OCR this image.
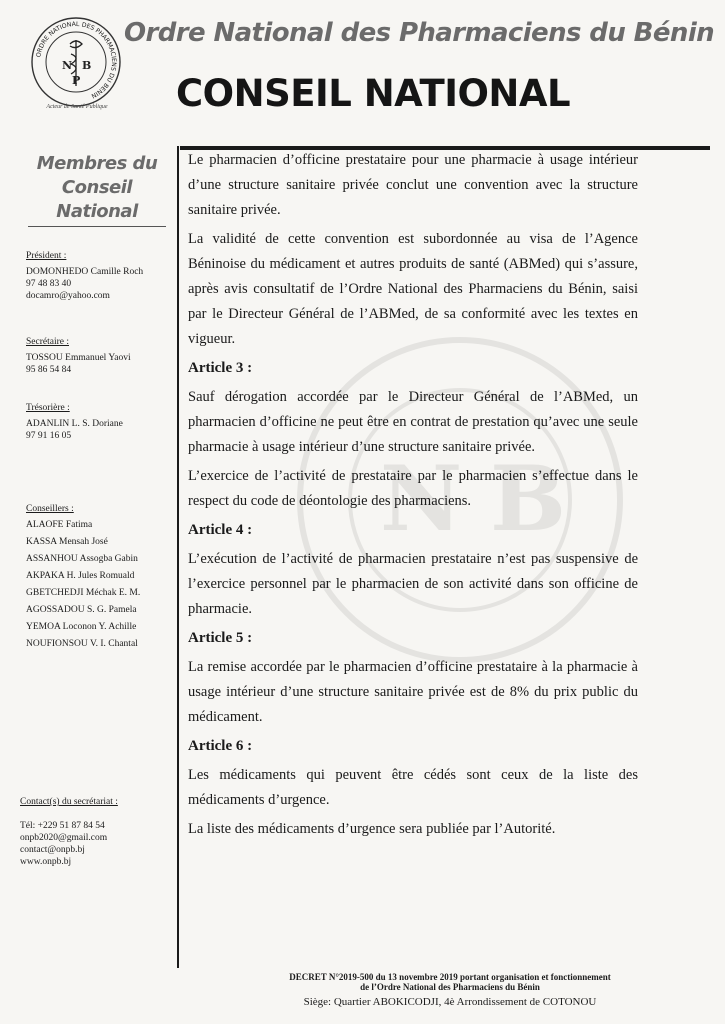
ORDRE NATIONAL DES PHARMACIENS DU BENIN
N B
P
Acteur de Santé Publique
Ordre National des Pharmaciens du Bénin
CONSEIL NATIONAL
N B
Membres du
Conseil National
Président :
DOMONHEDO Camille Roch
97 48 83 40
docamro@yahoo.com
Secrétaire :
TOSSOU Emmanuel Yaovi
95 86 54 84
Trésorière :
ADANLIN L. S. Doriane
97 91 16 05
Conseillers :
ALAOFE Fatima
KASSA Mensah José
ASSANHOU Assogba Gabin
AKPAKA H. Jules Romuald
GBETCHEDJI Méchak E. M.
AGOSSADOU S. G. Pamela
YEMOA Loconon Y. Achille
NOUFIONSOU V. I. Chantal
Contact(s) du secrétariat :
Tél: +229 51 87 84 54
onpb2020@gmail.com
contact@onpb.bj
www.onpb.bj

Le pharmacien d’officine prestataire pour une pharmacie à usage intérieur d’une structure sanitaire privée conclut une convention avec la structure sanitaire privée.

La validité de cette convention est subordonnée au visa de l’Agence Béninoise du médicament et autres produits de santé (ABMed) qui s’assure, après avis consultatif de l’Ordre National des Pharmaciens du Bénin, saisi par le Directeur Général de l’ABMed, de sa conformité avec les textes en vigueur.

Article 3 :

Sauf dérogation accordée par le Directeur Général de l’ABMed, un pharmacien d’officine ne peut être en contrat de prestation qu’avec une seule pharmacie à usage intérieur d’une structure sanitaire privée.

L’exercice de l’activité de prestataire par le pharmacien s’effectue dans le respect du code de déontologie des pharmaciens.

Article 4 :

L’exécution de l’activité de pharmacien prestataire n’est pas suspensive de l’exercice personnel par le pharmacien de son activité dans son officine de pharmacie.

Article 5 :

La remise accordée par le pharmacien d’officine prestataire à la pharmacie à usage intérieur d’une structure sanitaire privée est de 8% du prix public du médicament.

Article 6 :

Les médicaments qui peuvent être cédés sont ceux de la liste des médicaments d’urgence.

La liste des médicaments d’urgence sera publiée par l’Autorité.

DECRET N°2019-500 du 13 novembre 2019 portant organisation et fonctionnement
de l’Ordre National des Pharmaciens du Bénin
Siège: Quartier ABOKICODJI, 4è Arrondissement de COTONOU
